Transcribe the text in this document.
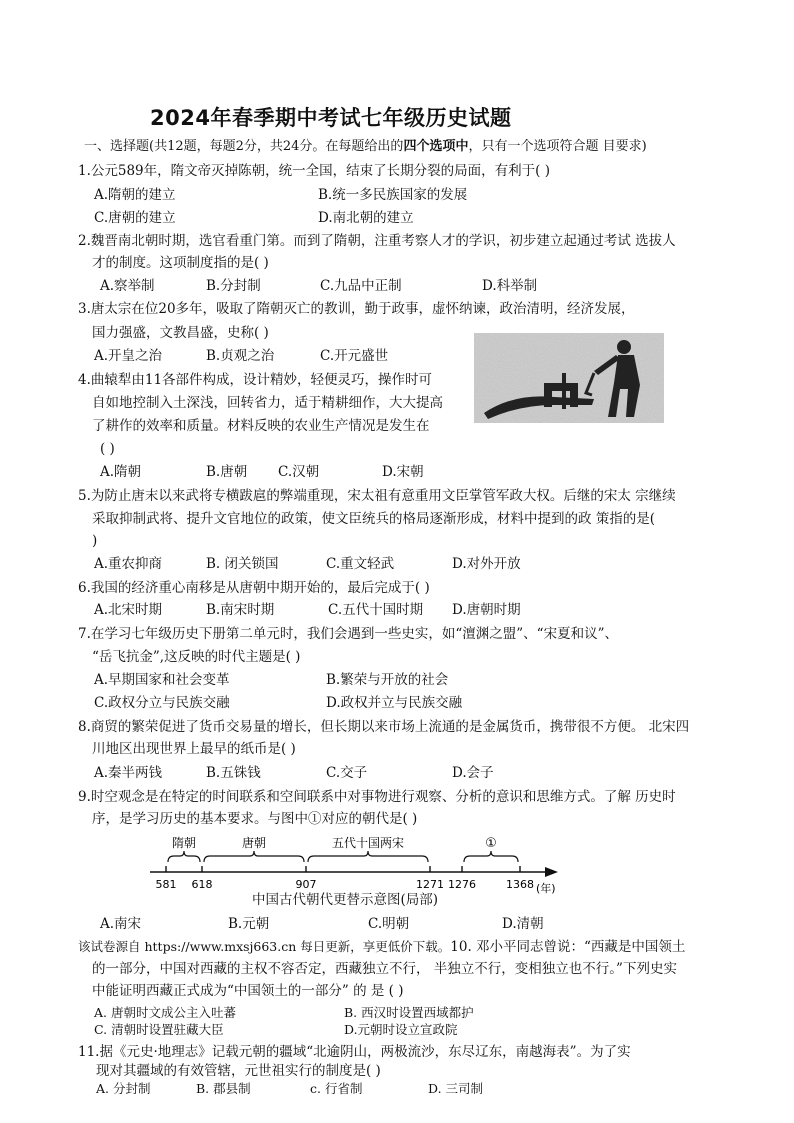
2024年春季期中考试七年级历史试题
一、选择题(共12题，每题2分，共24分。在每题给出的四个选项中，只有一个选项符合题 目要求)
1.公元589年，隋文帝灭掉陈朝，统一全国，结束了长期分裂的局面，有利于( )
A.隋朝的建立	B.统一多民族国家的发展
C.唐朝的建立	D.南北朝的建立
2.魏晋南北朝时期，选官看重门第。而到了隋朝，注重考察人才的学识，初步建立起通过考试 选拔人
才的制度。这项制度指的是( )
A.察举制	B.分封制	C.九品中正制	D.科举制
3.唐太宗在位20多年，吸取了隋朝灭亡的教训，勤于政事，虚怀纳谏，政治清明，经济发展，
国力强盛，文教昌盛，史称( )
A.开皇之治	B.贞观之治	C.开元盛世
4.曲辕犁由11各部件构成，设计精妙，轻便灵巧，操作时可
自如地控制入土深浅，回转省力，适于精耕细作，大大提高
了耕作的效率和质量。材料反映的农业生产情况是发生在
( )
A.隋朝	B.唐朝 C.汉朝	D.宋朝
5.为防止唐末以来武将专横跋扈的弊端重现，宋太祖有意重用文臣掌管军政大权。后继的宋太 宗继续
采取抑制武将、提升文官地位的政策，使文臣统兵的格局逐渐形成，材料中提到的政 策指的是(
)
A.重农抑商	B. 闭关锁国	C.重文轻武	D.对外开放
6.我国的经济重心南移是从唐朝中期开始的，最后完成于( )
A.北宋时期	B.南宋时期	C.五代十国时期 D.唐朝时期
7.在学习七年级历史下册第二单元时，我们会遇到一些史实，如“澶渊之盟”、“宋夏和议”、
“岳飞抗金”,这反映的时代主题是( )
A.早期国家和社会变革	B.繁荣与开放的社会
C.政权分立与民族交融	D.政权并立与民族交融
8.商贸的繁荣促进了货币交易量的增长，但长期以来市场上流通的是金属货币，携带很不方便。 北宋四
川地区出现世界上最早的纸币是( )
A.秦半两钱	B.五铢钱	C.交子	D.会子
9.时空观念是在特定的时间联系和空间联系中对事物进行观察、分析的意识和思维方式。了解 历史时
序，是学习历史的基本要求。与图中①对应的朝代是( )
581 618	907	1271 1276	1368
隋朝	唐朝	五代十国两宋	①
(年)
中国古代朝代更替示意图(局部)
A.南宋	B.元朝	C.明朝	D.清朝
该试卷源自 https://www.mxsj663.cn 每日更新，享更低价下载。10. 邓小平同志曾说：“西藏是中国领土
的一部分，中国对西藏的主权不容否定，西藏独立不行， 半独立不行，变相独立也不行。”下列史实
中能证明西藏正式成为“中国领土的一部分” 的 是 ( )
A. 唐朝时文成公主入吐蕃	B. 西汉时设置西域都护
C. 清朝时设置驻藏大臣	D.元朝时设立宣政院
11.据《元史·地理志》记载元朝的疆域“北逾阴山，两极流沙，东尽辽东，南越海表”。为了实
现对其疆域的有效管辖，元世祖实行的制度是( )
A. 分封制	B. 郡县制	c. 行省制	D. 三司制
